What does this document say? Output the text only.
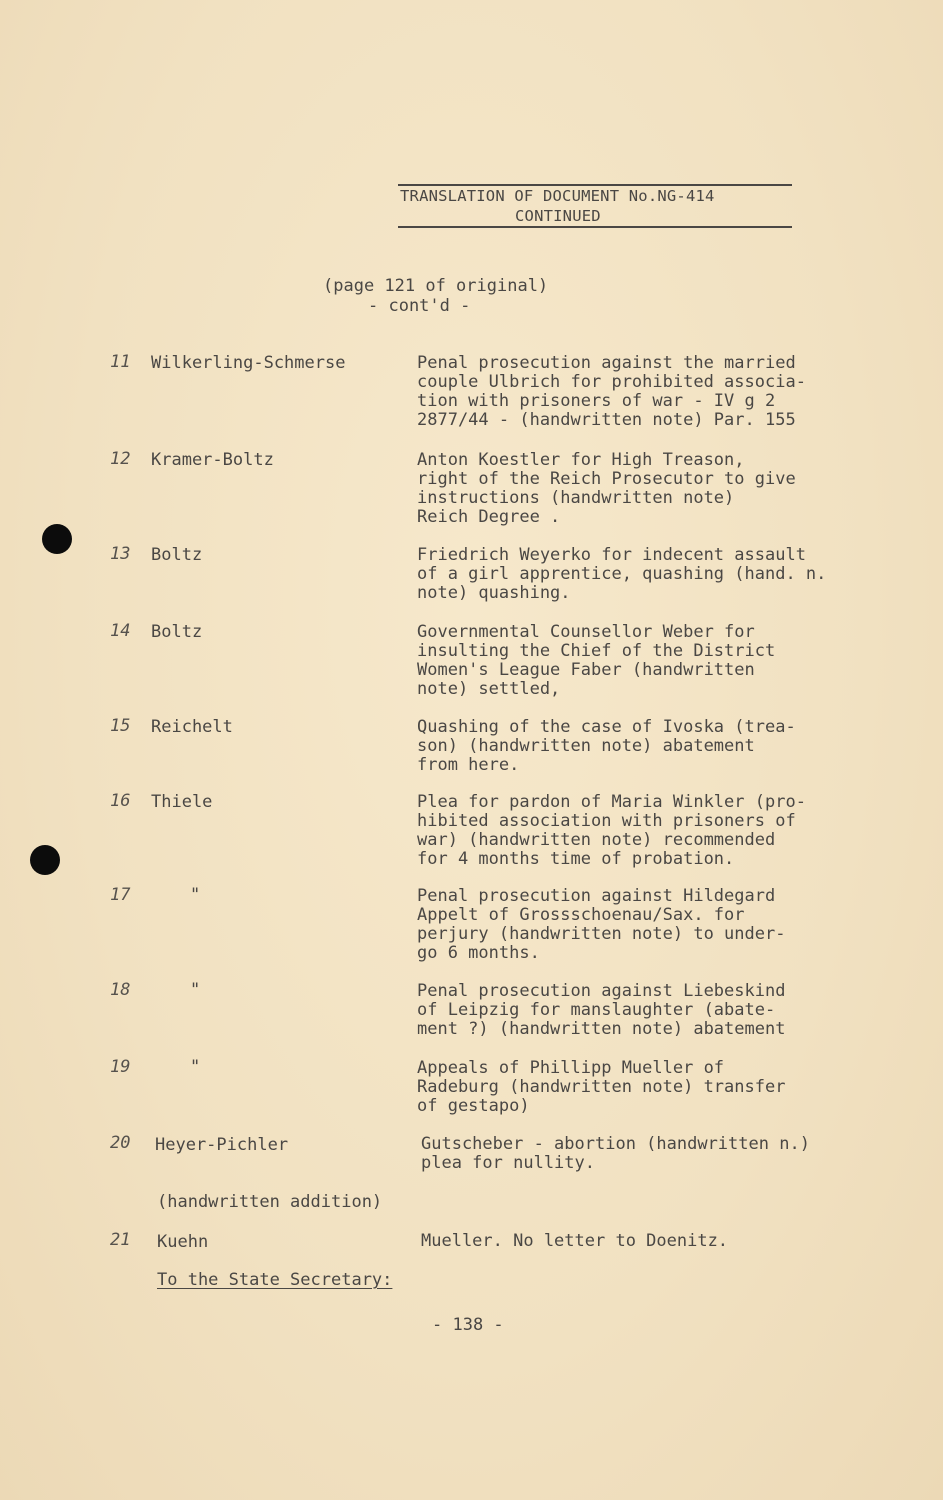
TRANSLATION OF DOCUMENT No.NG-414
CONTINUED
(page 121 of original)
- cont'd -
11 Wilkerling-Schmerse	Penal prosecution against the married
couple Ulbrich for prohibited associa-
tion with prisoners of war - IV g 2
2877/44 - (handwritten note) Par. 155
12 Kramer-Boltz	Anton Koestler for High Treason,
right of the Reich Prosecutor to give
instructions (handwritten note)
Reich Degree .
13 Boltz	Friedrich Weyerko for indecent assault
of a girl apprentice, quashing (hand. n.
note) quashing.
14 Boltz	Governmental Counsellor Weber for
insulting the Chief of the District
Women's League Faber (handwritten
note) settled,
15 Reichelt	Quashing of the case of Ivoska (trea-
son) (handwritten note) abatement
from here.
16 Thiele	Plea for pardon of Maria Winkler (pro-
hibited association with prisoners of
war) (handwritten note) recommended
for 4 months time of probation.
17	"	Penal prosecution against Hildegard
Appelt of Grossschoenau/Sax. for
perjury (handwritten note) to under-
go 6 months.
18	"	Penal prosecution against Liebeskind
of Leipzig for manslaughter (abate-
ment ?) (handwritten note) abatement
19	"	Appeals of Phillipp Mueller of
Radeburg (handwritten note) transfer
of gestapo)
20 Heyer-Pichler	Gutscheber - abortion (handwritten n.)
plea for nullity.
(handwritten addition)
21 Kuehn	Mueller. No letter to Doenitz.
To the State Secretary:
- 138 -
